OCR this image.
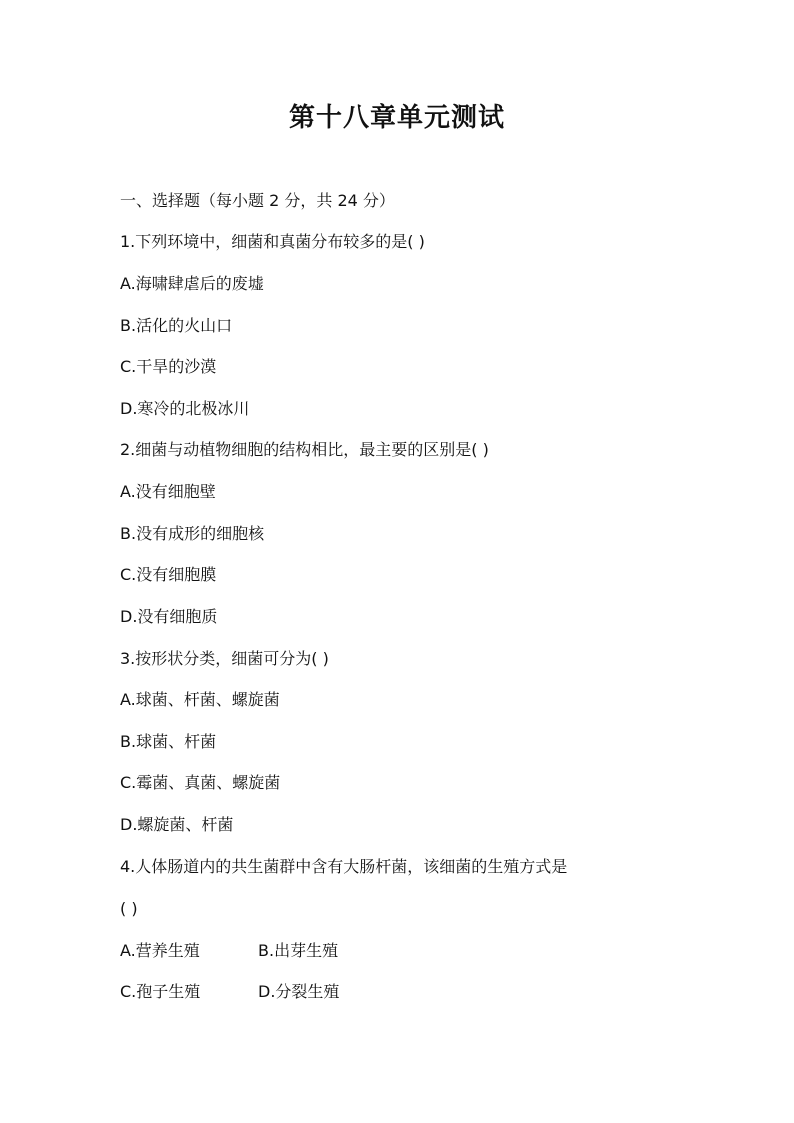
第十八章单元测试
一、选择题（每小题 2 分，共 24 分）
1.下列环境中，细菌和真菌分布较多的是( )
A.海啸肆虐后的废墟
B.活化的火山口
C.干旱的沙漠
D.寒冷的北极冰川
2.细菌与动植物细胞的结构相比，最主要的区别是( )
A.没有细胞壁
B.没有成形的细胞核
C.没有细胞膜
D.没有细胞质
3.按形状分类，细菌可分为( )
A.球菌、杆菌、螺旋菌
B.球菌、杆菌
C.霉菌、真菌、螺旋菌
D.螺旋菌、杆菌
4.人体肠道内的共生菌群中含有大肠杆菌，该细菌的生殖方式是
( )
A.营养生殖	B.出芽生殖
C.孢子生殖	D.分裂生殖
